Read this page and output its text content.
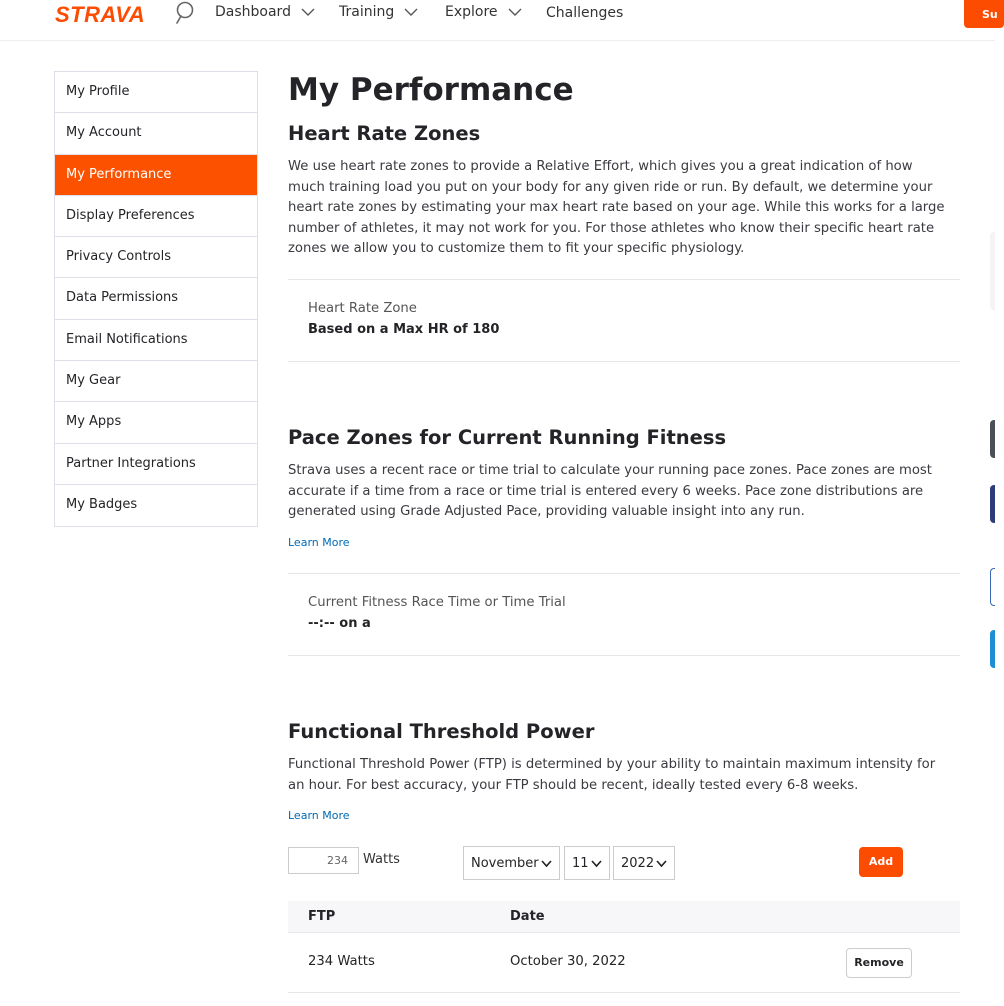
STRAVA	Dashboard	Training	Explore	Challenges	Su
My Profile
My Account
My Performance
Display Preferences
Privacy Controls
Data Permissions
Email Notifications
My Gear
My Apps
Partner Integrations
My Badges
My Performance
Heart Rate Zones
We use heart rate zones to provide a Relative Effort, which gives you a great indication of how much training load you put on your body for any given ride or run. By default, we determine your heart rate zones by estimating your max heart rate based on your age. While this works for a large number of athletes, it may not work for you. For those athletes who know their specific heart rate zones we allow you to customize them to fit your specific physiology.
Heart Rate Zone
Based on a Max HR of 180
Pace Zones for Current Running Fitness
Strava uses a recent race or time trial to calculate your running pace zones. Pace zones are most accurate if a time from a race or time trial is entered every 6 weeks. Pace zone distributions are generated using Grade Adjusted Pace, providing valuable insight into any run.
Learn More
Current Fitness Race Time or Time Trial
--:-- on a
Functional Threshold Power
Functional Threshold Power (FTP) is determined by your ability to maintain maximum intensity for an hour. For best accuracy, your FTP should be recent, ideally tested every 6-8 weeks.
Learn More
234	Watts	November	11 2022	Add
FTP	Date
234 Watts	October 30, 2022	Remove
